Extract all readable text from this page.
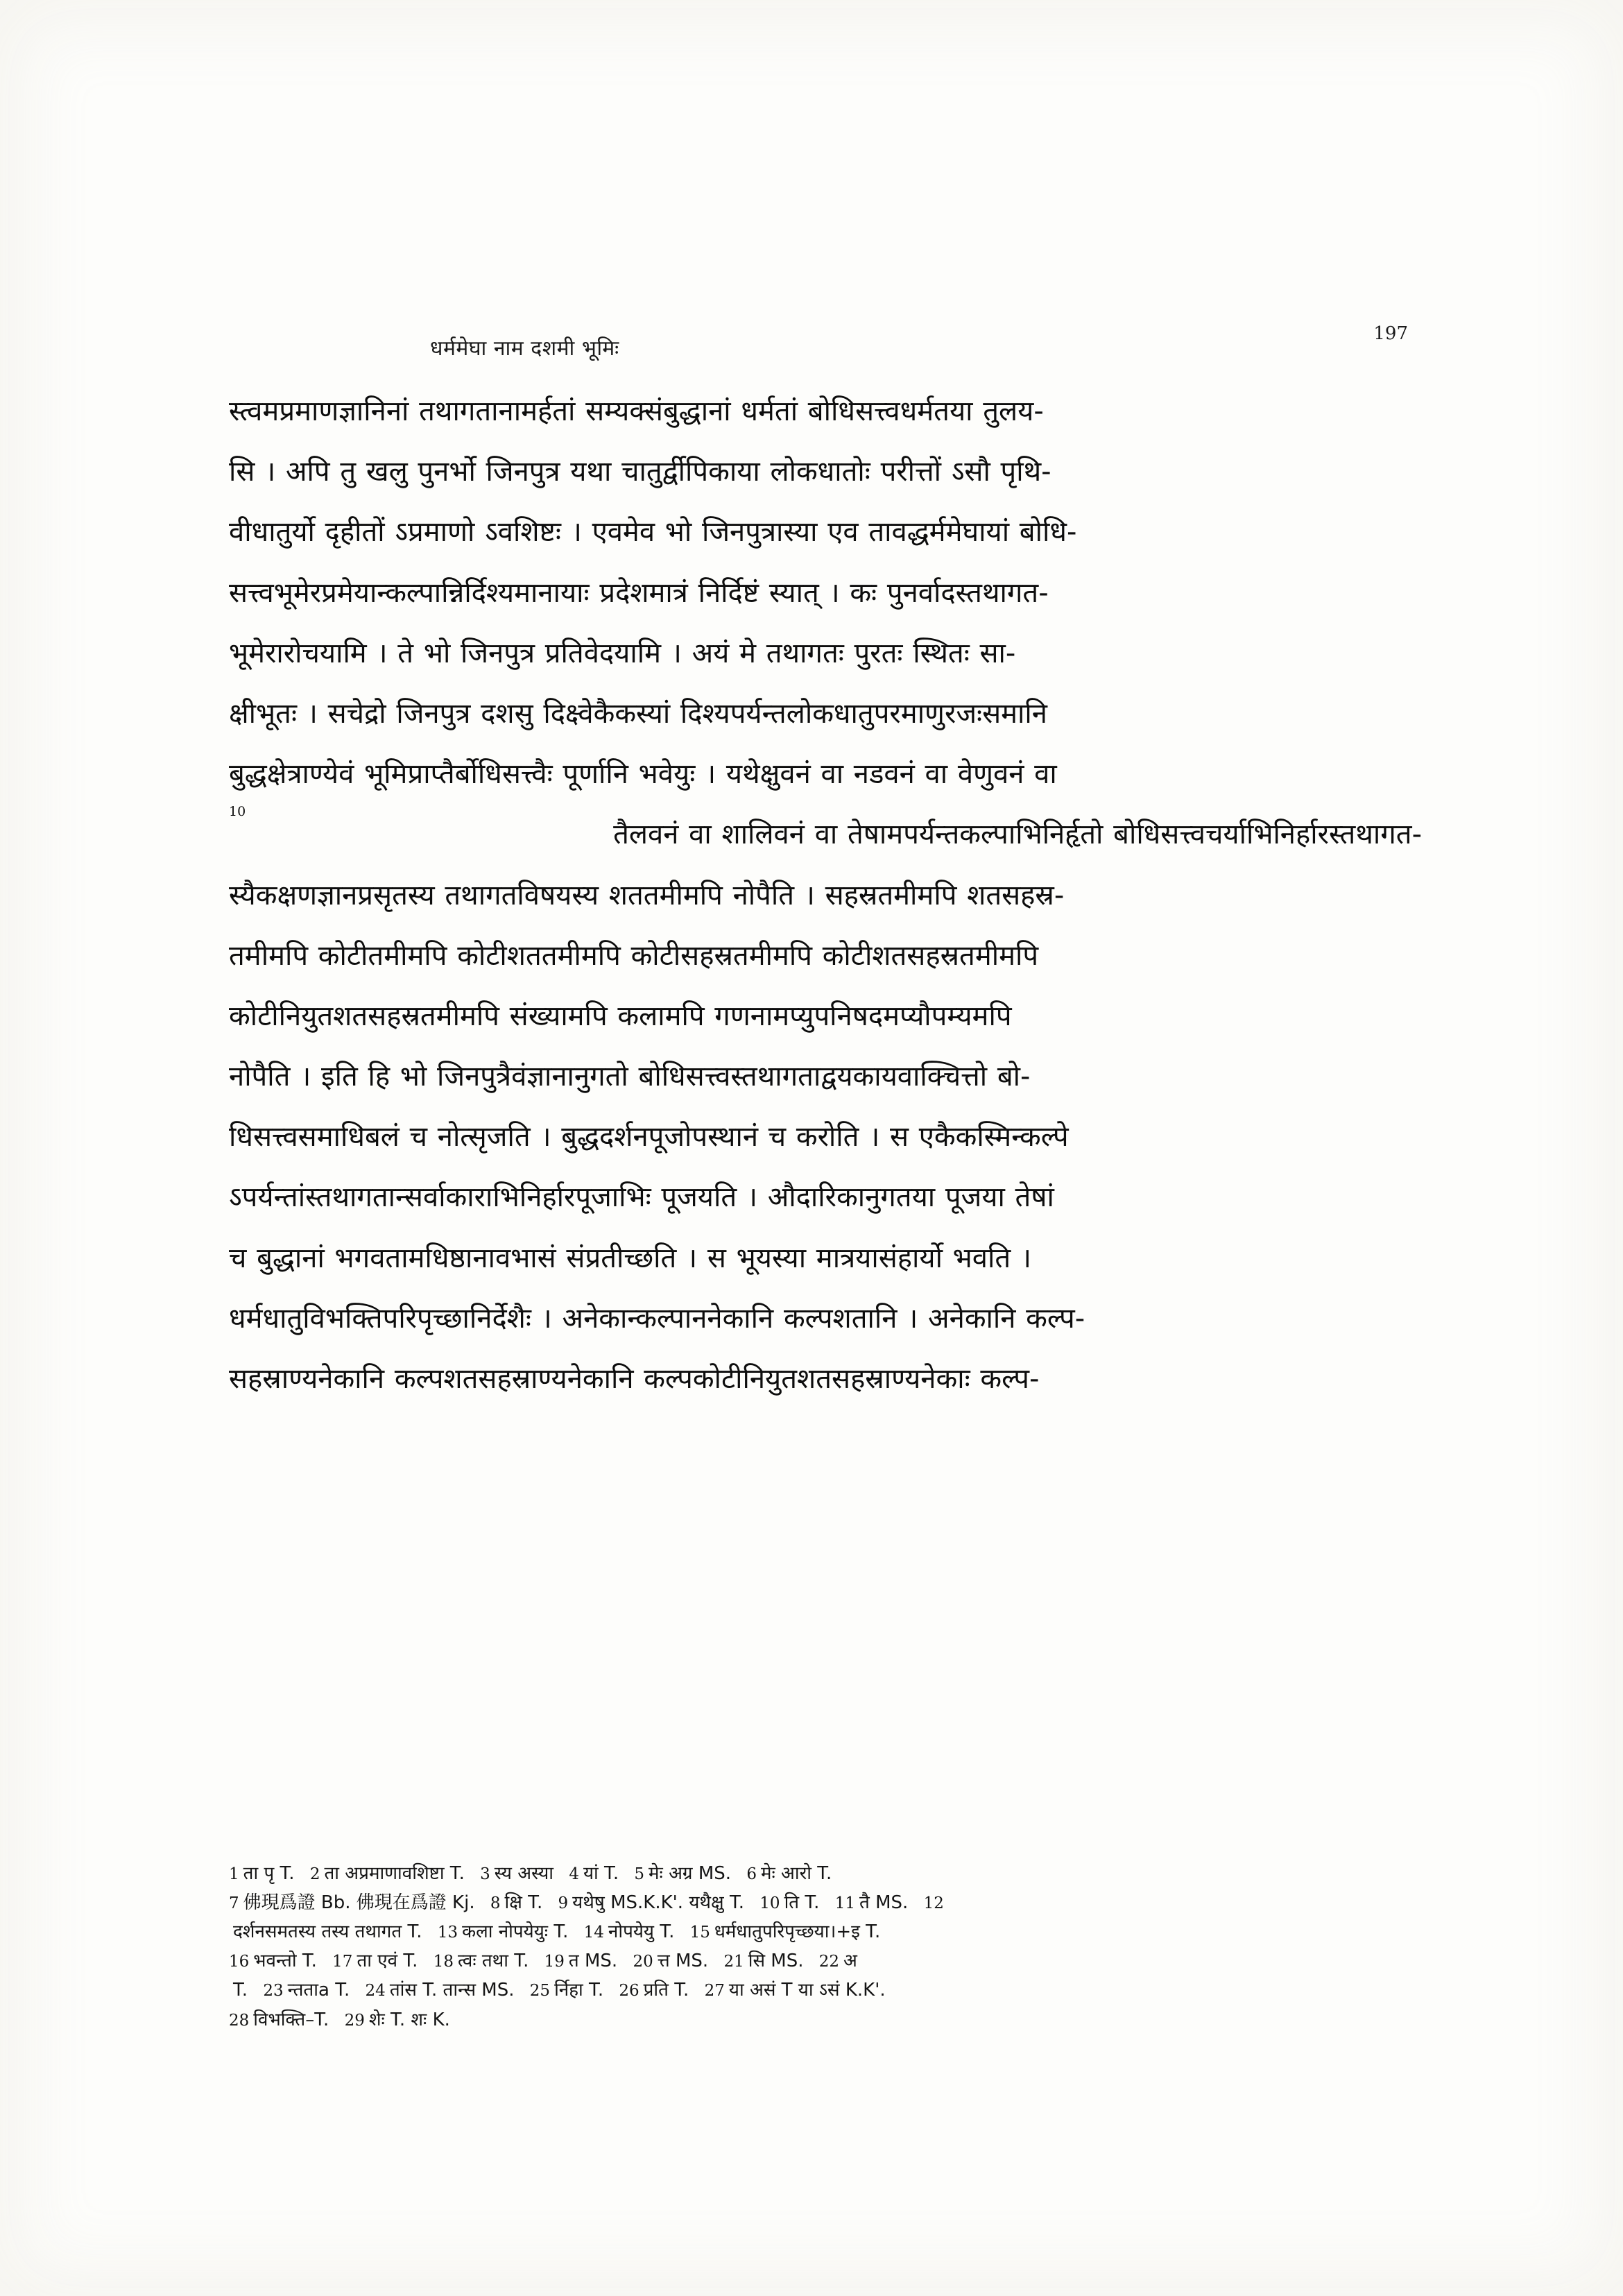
धर्ममेघा नाम दशमी भूमिः
197
स्त्वमप्रमाणज्ञानिनां तथागतानामर्हतां सम्यक्संबुद्धानां धर्मतां बोधिसत्त्वधर्मतया तुलय-
सि । अपि तु खलु पुनर्भो जिनपुत्र यथा चातुर्द्वीपिकाया लोकधातोः परीत्तों ऽसौ पृथि-
वीधातुर्यो दृहीतों ऽप्रमाणो ऽवशिष्टः । एवमेव भो जिनपुत्रास्या एव तावद्धर्ममेघायां बोधि-
सत्त्वभूमेरप्रमेयान्कल्पान्निर्दिश्यमानायाः प्रदेशमात्रं निर्दिष्टं स्यात् । कः पुनर्वादस्तथागत-
भूमेरारोचयामि । ते भो जिनपुत्र प्रतिवेदयामि । अयं मे तथागतः पुरतः स्थितः सा-
क्षीभूतः । सचेद्रो जिनपुत्र दशसु दिक्ष्वेकैकस्यां दिश्यपर्यन्तलोकधातुपरमाणुरजःसमानि
बुद्धक्षेत्राण्येवं भूमिप्राप्तैर्बोधिसत्त्वैः पूर्णानि भवेयुः । यथेक्षुवनं वा नडवनं वा वेणुवनं वा
10
तैलवनं वा शालिवनं वा तेषामपर्यन्तकल्पाभिनिर्हृतो बोधिसत्त्वचर्याभिनिर्हारस्तथागत-
स्यैकक्षणज्ञानप्रसृतस्य तथागतविषयस्य शततमीमपि नोपैति । सहस्रतमीमपि शतसहस्र-
तमीमपि कोटीतमीमपि कोटीशततमीमपि कोटीसहस्रतमीमपि कोटीशतसहस्रतमीमपि
कोटीनियुतशतसहस्रतमीमपि संख्यामपि कलामपि गणनामप्युपनिषदमप्यौपम्यमपि
नोपैति । इति हि भो जिनपुत्रैवंज्ञानानुगतो बोधिसत्त्वस्तथागताद्वयकायवाक्चित्तो बो-
धिसत्त्वसमाधिबलं च नोत्सृजति । बुद्धदर्शनपूजोपस्थानं च करोति । स एकैकस्मिन्कल्पे
ऽपर्यन्तांस्तथागतान्सर्वाकाराभिनिर्हारपूजाभिः पूजयति । औदारिकानुगतया पूजया तेषां
च बुद्धानां भगवतामधिष्ठानावभासं संप्रतीच्छति । स भूयस्या मात्रयासंहार्यो भवति ।
धर्मधातुविभक्तिपरिपृच्छानिर्देशैः । अनेकान्कल्पाननेकानि कल्पशतानि । अनेकानि कल्प-
सहस्राण्यनेकानि कल्पशतसहस्राण्यनेकानि कल्पकोटीनियुतशतसहस्राण्यनेकाः कल्प-
1 ता पृ T. 2 ता अप्रमाणावशिष्टा T. 3 स्य अस्या 4 यां T. 5 मेः अग्र MS. 6 मेः आरो T.
7 佛現爲證 Bb. 佛現在爲證 Kj. 8 क्षि T. 9 यथेषु MS.K.K'. यथैक्षु T. 10 ति T. 11 तै MS. 12
दर्शनसमतस्य तस्य तथागत T. 13 कला नोपयेयुः T. 14 नोपयेयु T. 15 धर्मधातुपरिपृच्छया।+इ T.
16 भवन्तो T. 17 ता एवं T. 18 त्वः तथा T. 19 त MS. 20 त्त MS. 21 सि MS. 22 अ
T. 23 न्तताa T. 24 तांस T. तान्स MS. 25 र्निहा T. 26 प्रति T. 27 या असं T या ऽसं K.K'.
28 विभक्ति–T. 29 शेः T. शः K.
